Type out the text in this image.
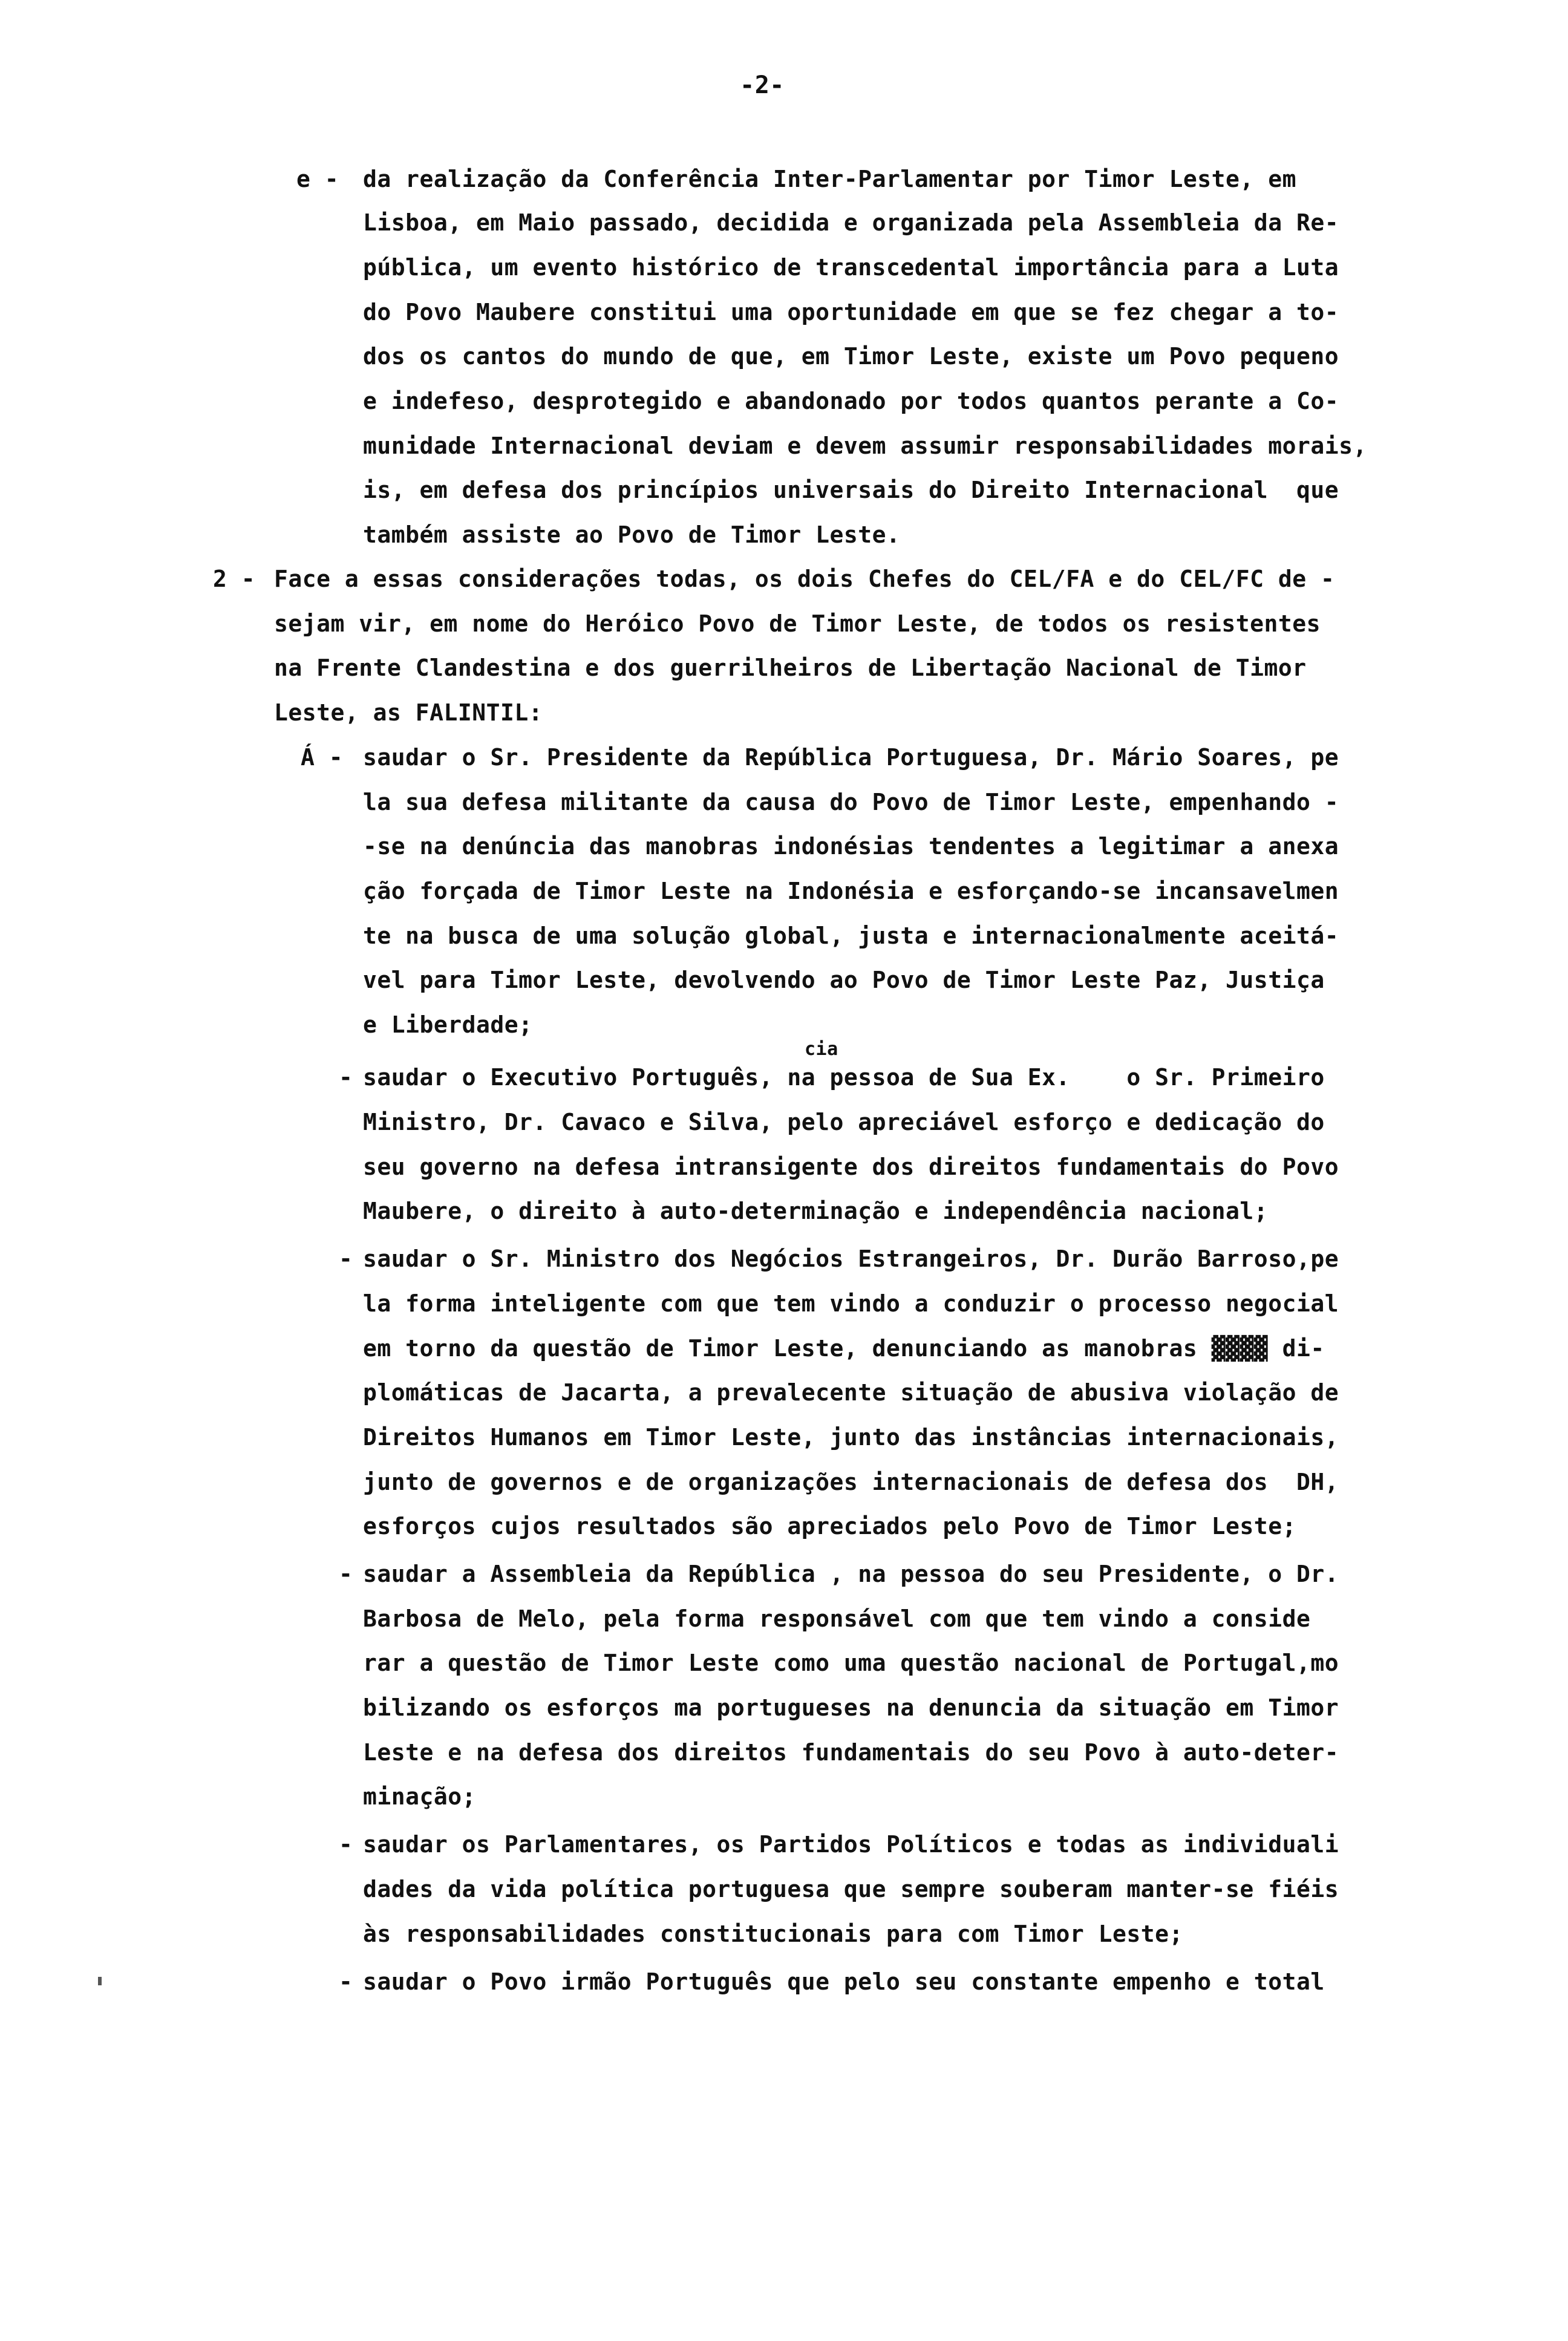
-2-
e - da realização da Conferência Inter-Parlamentar por Timor Leste, em
Lisboa, em Maio passado, decidida e organizada pela Assembleia da Re-
pública, um evento histórico de transcedental importância para a Luta
do Povo Maubere constitui uma oportunidade em que se fez chegar a to-
dos os cantos do mundo de que, em Timor Leste, existe um Povo pequeno
e indefeso, desprotegido e abandonado por todos quantos perante a Co-
munidade Internacional deviam e devem assumir responsabilidades morais,
is, em defesa dos princípios universais do Direito Internacional  que
também assiste ao Povo de Timor Leste.
2 - Face a essas considerações todas, os dois Chefes do CEL/FA e do CEL/FC de -
sejam vir, em nome do Heróico Povo de Timor Leste, de todos os resistentes
na Frente Clandestina e dos guerrilheiros de Libertação Nacional de Timor
Leste, as FALINTIL:
Á - saudar o Sr. Presidente da República Portuguesa, Dr. Mário Soares, pe
la sua defesa militante da causa do Povo de Timor Leste, empenhando -
-se na denúncia das manobras indonésias tendentes a legitimar a anexa
ção forçada de Timor Leste na Indonésia e esforçando-se incansavelmen
te na busca de uma solução global, justa e internacionalmente aceitá-
vel para Timor Leste, devolvendo ao Povo de Timor Leste Paz, Justiça
e Liberdade;
cia
- saudar o Executivo Português, na pessoa de Sua Ex.    o Sr. Primeiro
Ministro, Dr. Cavaco e Silva, pelo apreciável esforço e dedicação do
seu governo na defesa intransigente dos direitos fundamentais do Povo
Maubere, o direito à auto-determinação e independência nacional;
- saudar o Sr. Ministro dos Negócios Estrangeiros, Dr. Durão Barroso,pe
la forma inteligente com que tem vindo a conduzir o processo negocial
em torno da questão de Timor Leste, denunciando as manobras ▓▓▓▓ di-
plomáticas de Jacarta, a prevalecente situação de abusiva violação de
Direitos Humanos em Timor Leste, junto das instâncias internacionais,
junto de governos e de organizações internacionais de defesa dos  DH,
esforços cujos resultados são apreciados pelo Povo de Timor Leste;
- saudar a Assembleia da República , na pessoa do seu Presidente, o Dr.
Barbosa de Melo, pela forma responsável com que tem vindo a conside
rar a questão de Timor Leste como uma questão nacional de Portugal,mo
bilizando os esforços ma portugueses na denuncia da situação em Timor
Leste e na defesa dos direitos fundamentais do seu Povo à auto-deter-
minação;
- saudar os Parlamentares, os Partidos Políticos e todas as individuali
dades da vida política portuguesa que sempre souberam manter-se fiéis
às responsabilidades constitucionais para com Timor Leste;
- saudar o Povo irmão Português que pelo seu constante empenho e total
